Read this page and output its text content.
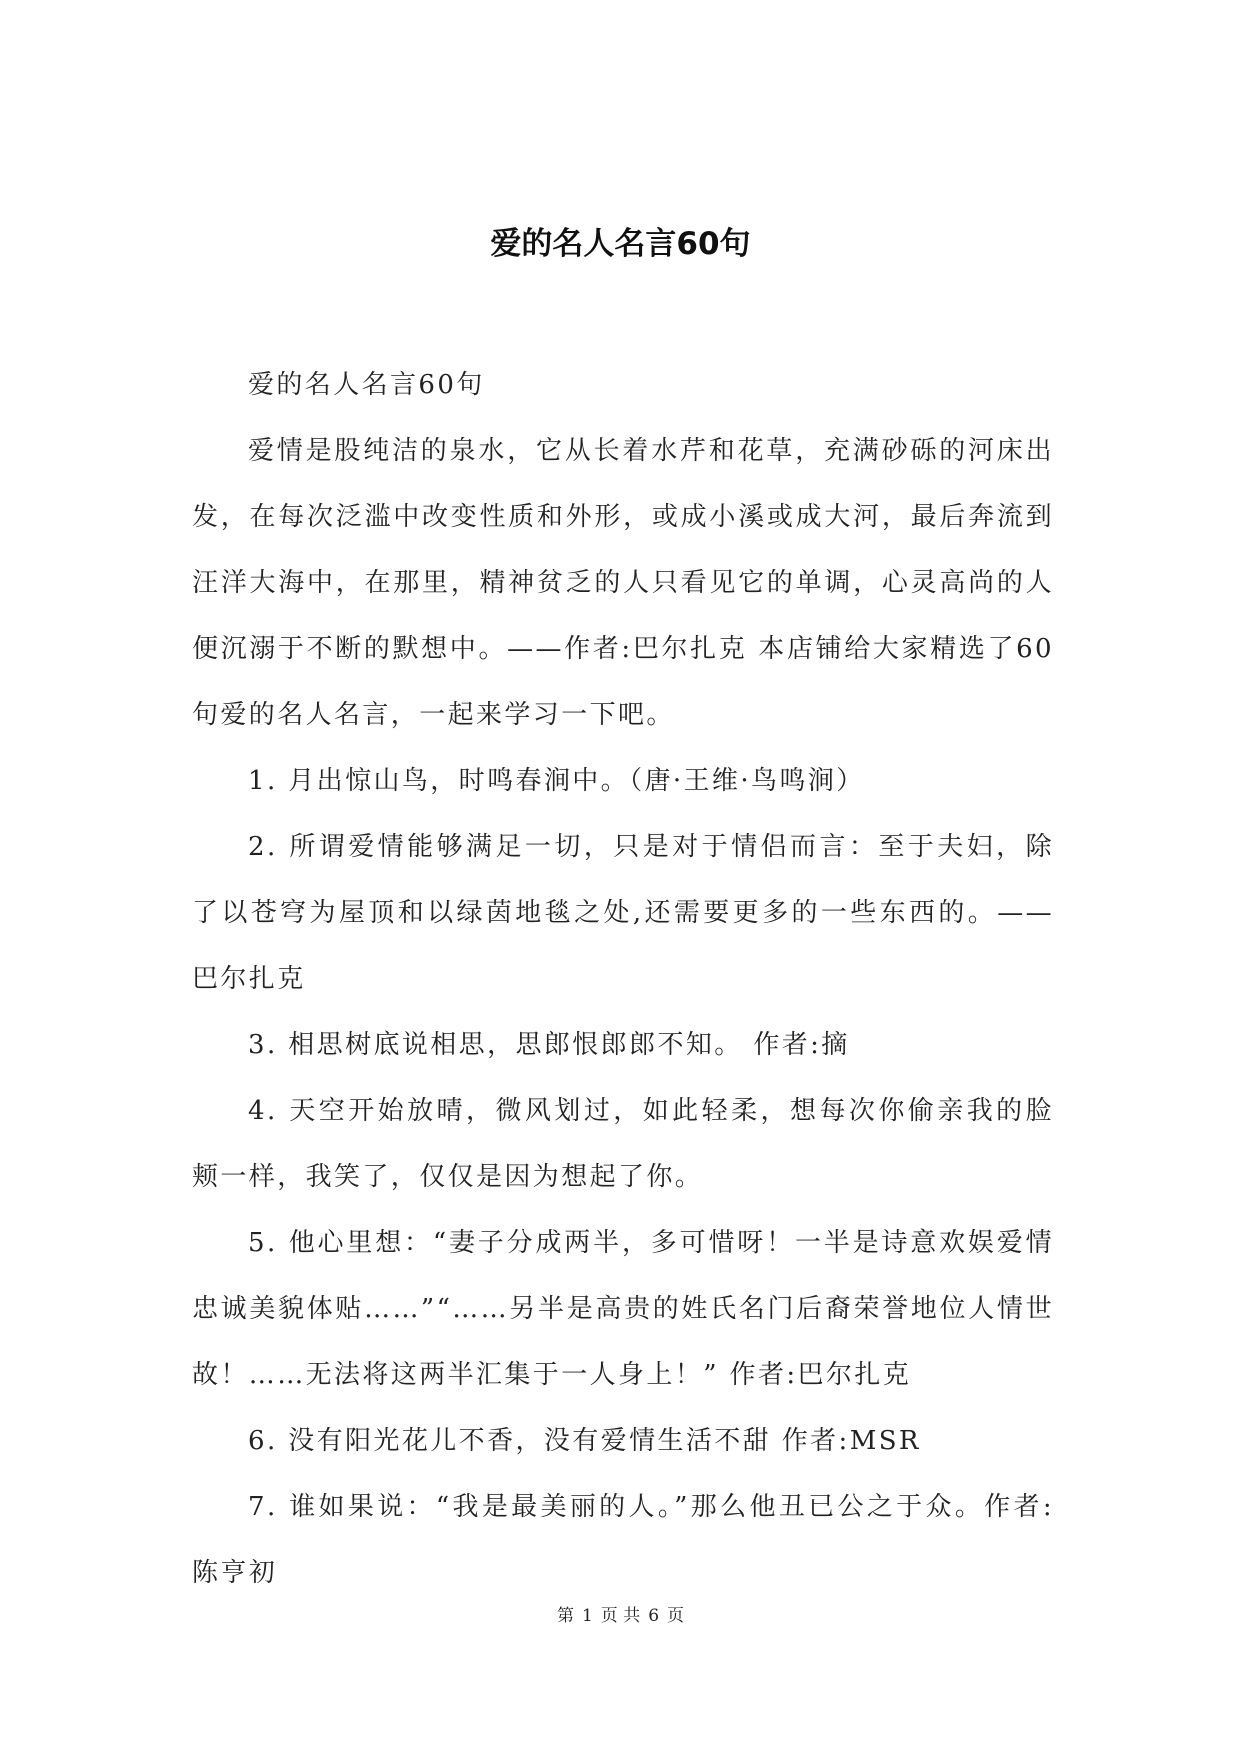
爱的名人名言60句

爱的名人名言60句

爱情是股纯洁的泉水，它从长着水芹和花草，充满砂砾的河床出发，在每次泛滥中改变性质和外形，或成小溪或成大河，最后奔流到汪洋大海中，在那里，精神贫乏的人只看见它的单调，心灵高尚的人便沉溺于不断的默想中。——作者:巴尔扎克 本店铺给大家精选了60句爱的名人名言，一起来学习一下吧。

1. 月出惊山鸟，时鸣春涧中。（唐·王维·鸟鸣涧）

2. 所谓爱情能够满足一切，只是对于情侣而言：至于夫妇，除了以苍穹为屋顶和以绿茵地毯之处,还需要更多的一些东西的。——巴尔扎克

3. 相思树底说相思，思郎恨郎郎不知。 作者:摘

4. 天空开始放晴，微风划过，如此轻柔，想每次你偷亲我的脸颊一样，我笑了，仅仅是因为想起了你。

5. 他心里想：“妻子分成两半，多可惜呀！一半是诗意欢娱爱情忠诚美貌体贴……”“……另半是高贵的姓氏名门后裔荣誉地位人情世故！……无法将这两半汇集于一人身上！” 作者:巴尔扎克

6. 没有阳光花儿不香，没有爱情生活不甜 作者:MSR

7. 谁如果说：“我是最美丽的人。”那么他丑已公之于众。作者:陈亨初

第 1 页 共 6 页
